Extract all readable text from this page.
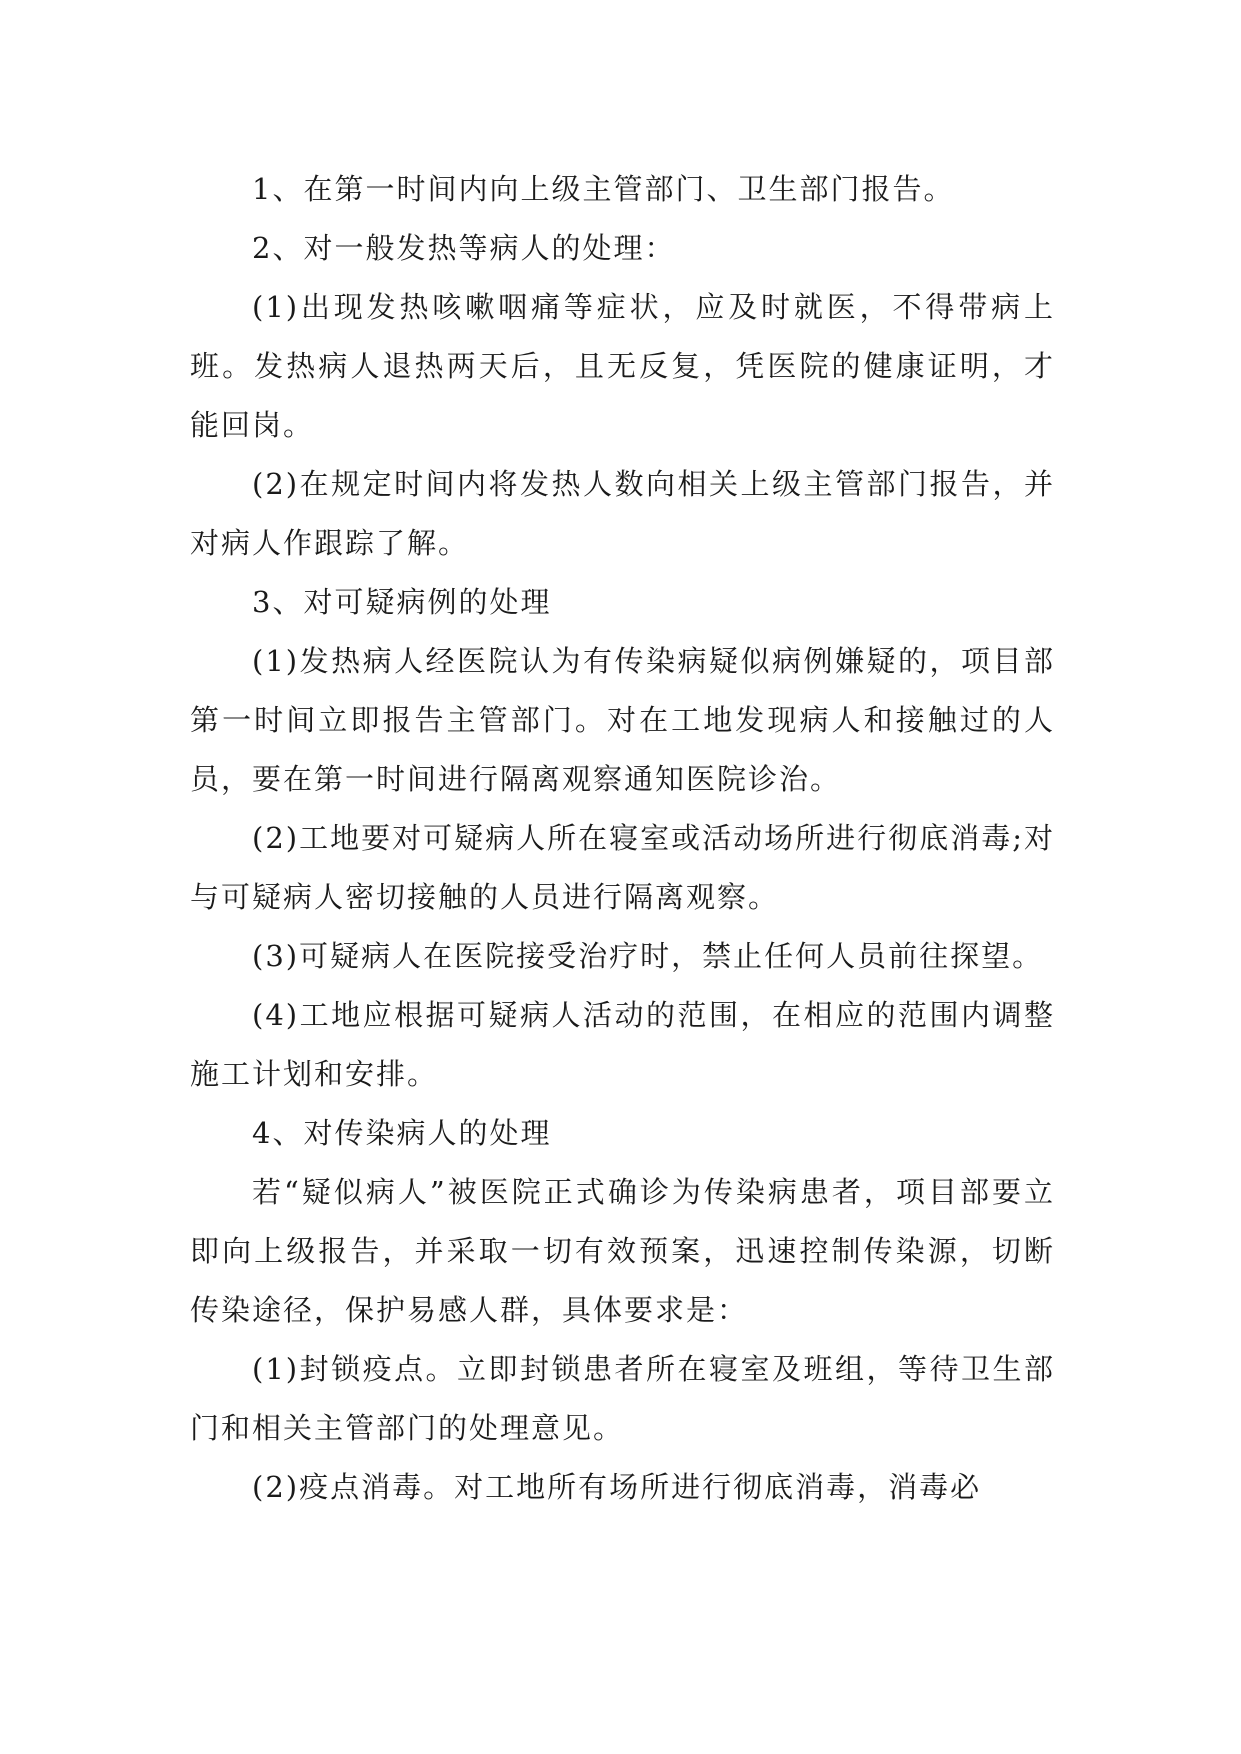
1、在第一时间内向上级主管部门、卫生部门报告。

2、对一般发热等病人的处理：

(1)出现发热咳嗽咽痛等症状，应及时就医，不得带病上班。发热病人退热两天后，且无反复，凭医院的健康证明，才能回岗。

(2)在规定时间内将发热人数向相关上级主管部门报告，并对病人作跟踪了解。

3、对可疑病例的处理

(1)发热病人经医院认为有传染病疑似病例嫌疑的，项目部第一时间立即报告主管部门。对在工地发现病人和接触过的人员，要在第一时间进行隔离观察通知医院诊治。

(2)工地要对可疑病人所在寝室或活动场所进行彻底消毒;对与可疑病人密切接触的人员进行隔离观察。

(3)可疑病人在医院接受治疗时，禁止任何人员前往探望。

(4)工地应根据可疑病人活动的范围，在相应的范围内调整施工计划和安排。

4、对传染病人的处理

若“疑似病人”被医院正式确诊为传染病患者，项目部要立即向上级报告，并采取一切有效预案，迅速控制传染源，切断传染途径，保护易感人群，具体要求是：

(1)封锁疫点。立即封锁患者所在寝室及班组，等待卫生部门和相关主管部门的处理意见。

(2)疫点消毒。对工地所有场所进行彻底消毒，消毒必
